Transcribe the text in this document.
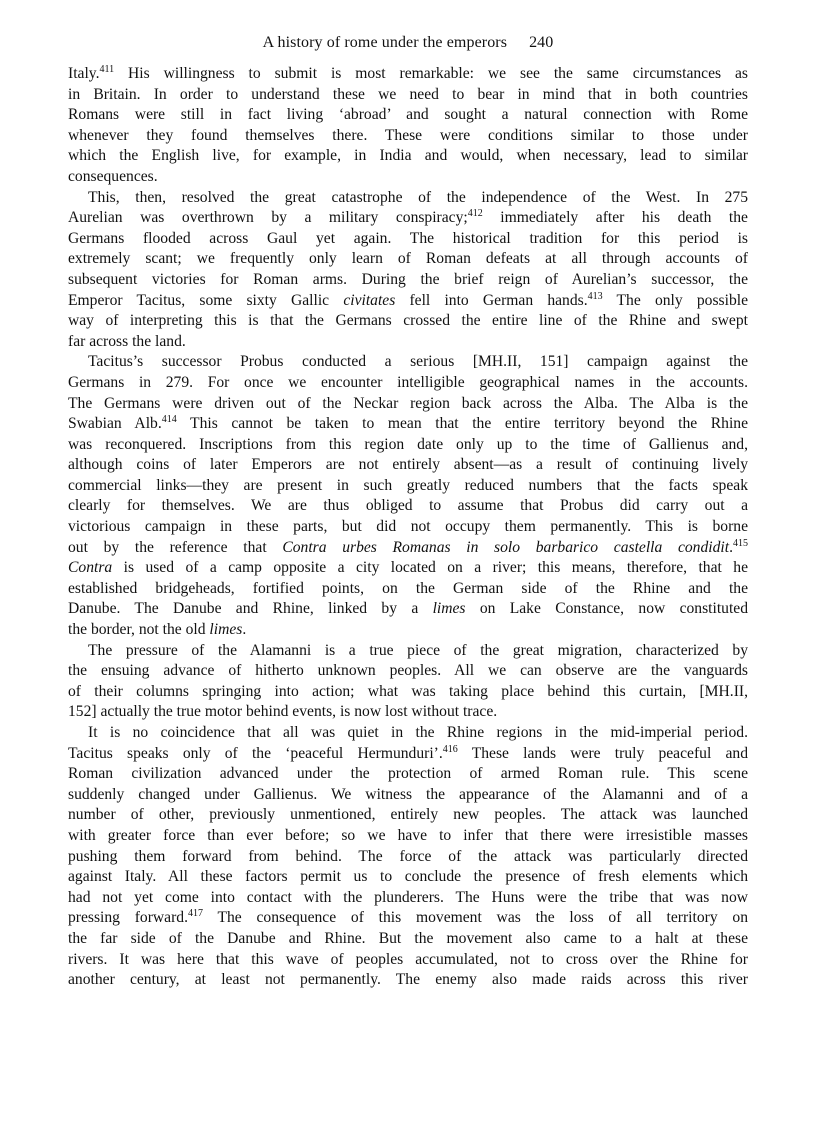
A history of rome under the emperors 240
Italy.$^{411}$ His willingness to submit is most remarkable: we see the same circumstances as
in Britain. In order to understand these we need to bear in mind that in both countries
Romans were still in fact living ‘abroad’ and sought a natural connection with Rome
whenever they found themselves there. These were conditions similar to those under
which the English live, for example, in India and would, when necessary, lead to similar
consequences.
This, then, resolved the great catastrophe of the independence of the West. In 275
Aurelian was overthrown by a military conspiracy;$^{412}$ immediately after his death the
Germans flooded across Gaul yet again. The historical tradition for this period is
extremely scant; we frequently only learn of Roman defeats at all through accounts of
subsequent victories for Roman arms. During the brief reign of Aurelian’s successor, the
Emperor Tacitus, some sixty Gallic civitates fell into German hands.$^{413}$ The only possible
way of interpreting this is that the Germans crossed the entire line of the Rhine and swept
far across the land.
Tacitus’s successor Probus conducted a serious [MH.II, 151] campaign against the
Germans in 279. For once we encounter intelligible geographical names in the accounts.
The Germans were driven out of the Neckar region back across the Alba. The Alba is the
Swabian Alb.$^{414}$ This cannot be taken to mean that the entire territory beyond the Rhine
was reconquered. Inscriptions from this region date only up to the time of Gallienus and,
although coins of later Emperors are not entirely absent—as a result of continuing lively
commercial links—they are present in such greatly reduced numbers that the facts speak
clearly for themselves. We are thus obliged to assume that Probus did carry out a
victorious campaign in these parts, but did not occupy them permanently. This is borne
out by the reference that Contra urbes Romanas in solo barbarico castella condidit.$^{415}$
Contra is used of a camp opposite a city located on a river; this means, therefore, that he
established bridgeheads, fortified points, on the German side of the Rhine and the
Danube. The Danube and Rhine, linked by a limes on Lake Constance, now constituted
the border, not the old limes.
The pressure of the Alamanni is a true piece of the great migration, characterized by
the ensuing advance of hitherto unknown peoples. All we can observe are the vanguards
of their columns springing into action; what was taking place behind this curtain, [MH.II,
152] actually the true motor behind events, is now lost without trace.
It is no coincidence that all was quiet in the Rhine regions in the mid-imperial period.
Tacitus speaks only of the ‘peaceful Hermunduri’.$^{416}$ These lands were truly peaceful and
Roman civilization advanced under the protection of armed Roman rule. This scene
suddenly changed under Gallienus. We witness the appearance of the Alamanni and of a
number of other, previously unmentioned, entirely new peoples. The attack was launched
with greater force than ever before; so we have to infer that there were irresistible masses
pushing them forward from behind. The force of the attack was particularly directed
against Italy. All these factors permit us to conclude the presence of fresh elements which
had not yet come into contact with the plunderers. The Huns were the tribe that was now
pressing forward.$^{417}$ The consequence of this movement was the loss of all territory on
the far side of the Danube and Rhine. But the movement also came to a halt at these
rivers. It was here that this wave of peoples accumulated, not to cross over the Rhine for
another century, at least not permanently. The enemy also made raids across this river
